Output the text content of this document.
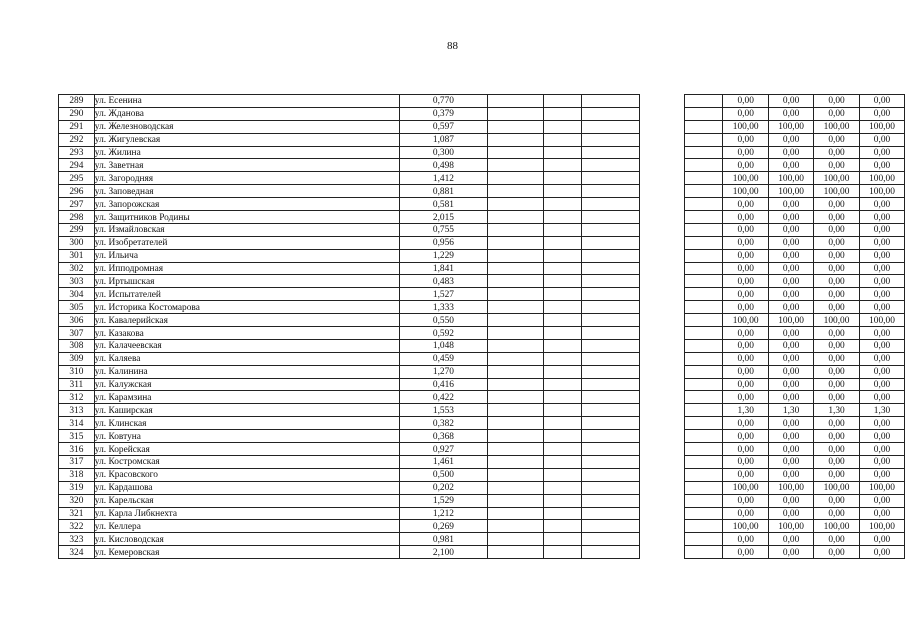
88
289	ул. Есенина	0,770						0,00	0,00	0,00	0,00
290	ул. Жданова	0,379						0,00	0,00	0,00	0,00
291	ул. Железноводская	0,597						100,00	100,00	100,00	100,00
292	ул. Жигулевская	1,087						0,00	0,00	0,00	0,00
293	ул. Жилина	0,300						0,00	0,00	0,00	0,00
294	ул. Заветная	0,498						0,00	0,00	0,00	0,00
295	ул. Загородняя	1,412						100,00	100,00	100,00	100,00
296	ул. Заповедная	0,881						100,00	100,00	100,00	100,00
297	ул. Запорожская	0,581						0,00	0,00	0,00	0,00
298	ул. Защитников Родины	2,015						0,00	0,00	0,00	0,00
299	ул. Измайловская	0,755						0,00	0,00	0,00	0,00
300	ул. Изобретателей	0,956						0,00	0,00	0,00	0,00
301	ул. Ильича	1,229						0,00	0,00	0,00	0,00
302	ул. Ипподромная	1,841						0,00	0,00	0,00	0,00
303	ул. Иртышская	0,483						0,00	0,00	0,00	0,00
304	ул. Испытателей	1,527						0,00	0,00	0,00	0,00
305	ул. Историка Костомарова	1,333						0,00	0,00	0,00	0,00
306	ул. Кавалерийская	0,550						100,00	100,00	100,00	100,00
307	ул. Казакова	0,592						0,00	0,00	0,00	0,00
308	ул. Калачеевская	1,048						0,00	0,00	0,00	0,00
309	ул. Каляева	0,459						0,00	0,00	0,00	0,00
310	ул. Калинина	1,270						0,00	0,00	0,00	0,00
311	ул. Калужская	0,416						0,00	0,00	0,00	0,00
312	ул. Карамзина	0,422						0,00	0,00	0,00	0,00
313	ул. Каширская	1,553						1,30	1,30	1,30	1,30
314	ул. Клинская	0,382						0,00	0,00	0,00	0,00
315	ул. Ковтуна	0,368						0,00	0,00	0,00	0,00
316	ул. Корейская	0,927						0,00	0,00	0,00	0,00
317	ул. Костромская	1,461						0,00	0,00	0,00	0,00
318	ул. Красовского	0,500						0,00	0,00	0,00	0,00
319	ул. Кардашова	0,202						100,00	100,00	100,00	100,00
320	ул. Карельская	1,529						0,00	0,00	0,00	0,00
321	ул. Карла Либкнехта	1,212						0,00	0,00	0,00	0,00
322	ул. Келлера	0,269						100,00	100,00	100,00	100,00
323	ул. Кисловодская	0,981						0,00	0,00	0,00	0,00
324	ул. Кемеровская	2,100						0,00	0,00	0,00	0,00
